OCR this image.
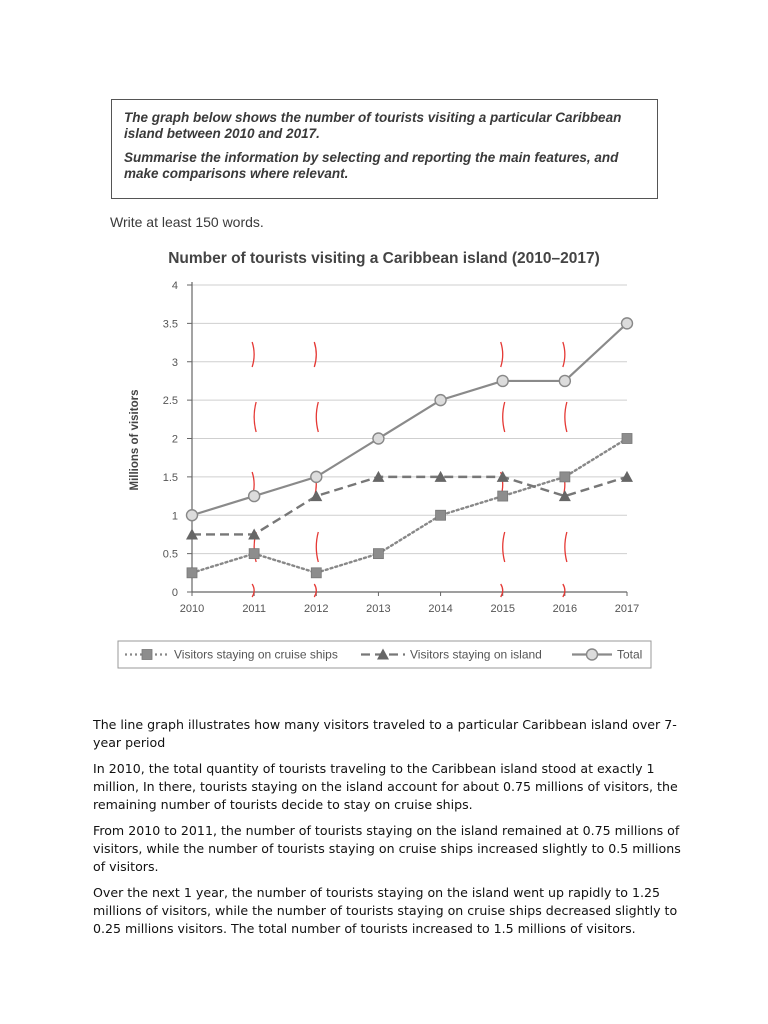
The graph below shows the number of tourists visiting a particular Caribbean island between 2010 and 2017.

Summarise the information by selecting and reporting the main features, and make comparisons where relevant.

Write at least 150 words.
Number of tourists visiting a Caribbean island (2010–2017)
Millions of visitors
0
0.5
1
1.5
2
2.5
3
3.5
4
2010	2011	2012	2013	2014	2015	2016	2017
Visitors staying on cruise ships	Visitors staying on island	Total

The line graph illustrates how many visitors traveled to a particular Caribbean island over 7-year period

In 2010, the total quantity of tourists traveling to the Caribbean island stood at exactly 1 million, In there, tourists staying on the island account for about 0.75 millions of visitors, the remaining number of tourists decide to stay on cruise ships.

From 2010 to 2011, the number of tourists staying on the island remained at 0.75 millions of visitors, while the number of tourists staying on cruise ships increased slightly to 0.5 millions of visitors.

Over the next 1 year, the number of tourists staying on the island went up rapidly to 1.25 millions of visitors, while the number of tourists staying on cruise ships decreased slightly to 0.25 millions visitors. The total number of tourists increased to 1.5 millions of visitors.
